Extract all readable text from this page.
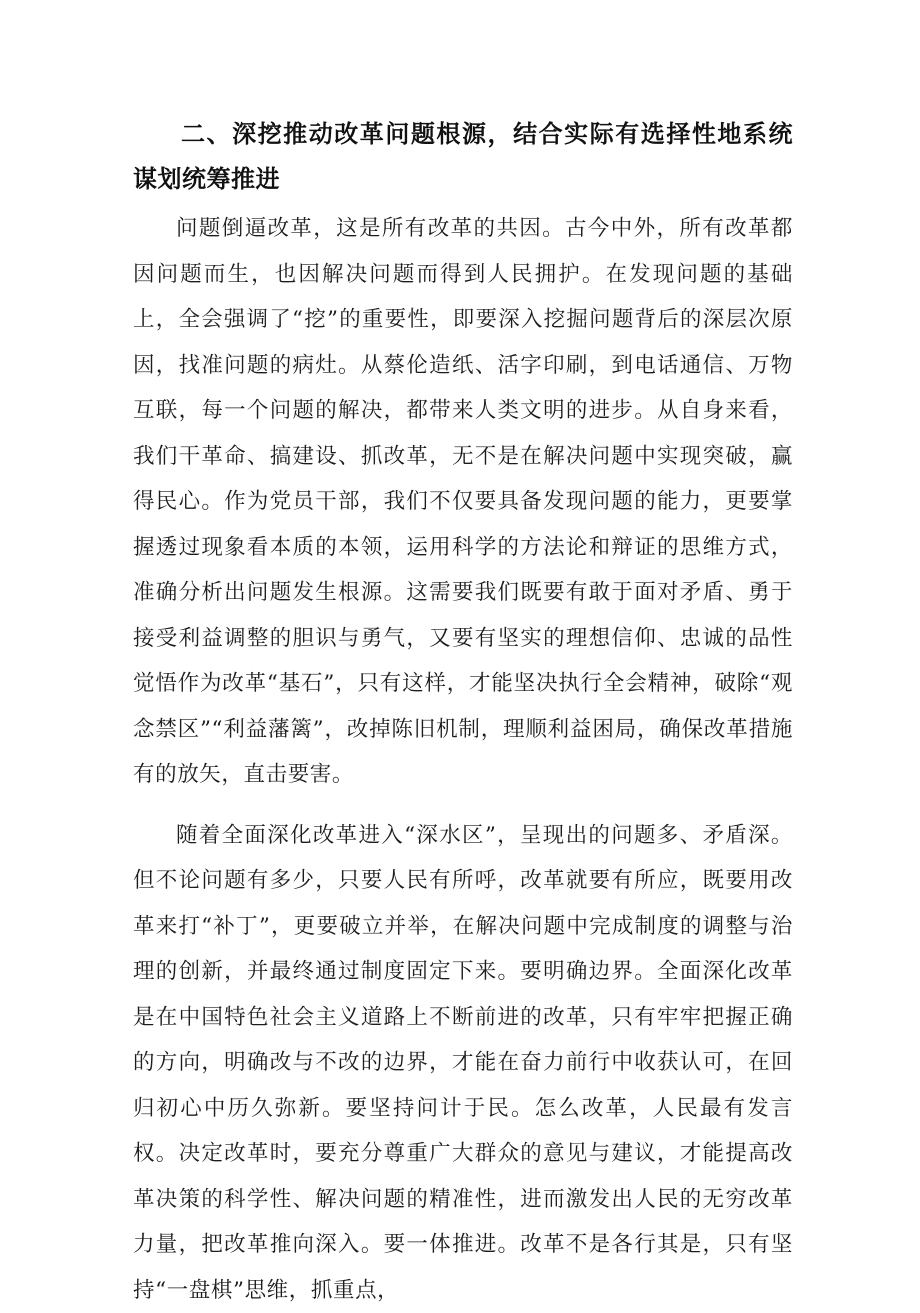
二、深挖推动改革问题根源，结合实际有选择性地系统谋划统筹推进

问题倒逼改革，这是所有改革的共因。古今中外，所有改革都因问题而生，也因解决问题而得到人民拥护。在发现问题的基础上，全会强调了“挖”的重要性，即要深入挖掘问题背后的深层次原因，找准问题的病灶。从蔡伦造纸、活字印刷，到电话通信、万物互联，每一个问题的解决，都带来人类文明的进步。从自身来看，我们干革命、搞建设、抓改革，无不是在解决问题中实现突破，赢得民心。作为党员干部，我们不仅要具备发现问题的能力，更要掌握透过现象看本质的本领，运用科学的方法论和辩证的思维方式，准确分析出问题发生根源。这需要我们既要有敢于面对矛盾、勇于接受利益调整的胆识与勇气，又要有坚实的理想信仰、忠诚的品性觉悟作为改革“基石”，只有这样，才能坚决执行全会精神，破除“观念禁区”“利益藩篱”，改掉陈旧机制，理顺利益困局，确保改革措施有的放矢，直击要害。

随着全面深化改革进入“深水区”，呈现出的问题多、矛盾深。但不论问题有多少，只要人民有所呼，改革就要有所应，既要用改革来打“补丁”，更要破立并举，在解决问题中完成制度的调整与治理的创新，并最终通过制度固定下来。要明确边界。全面深化改革是在中国特色社会主义道路上不断前进的改革，只有牢牢把握正确的方向，明确改与不改的边界，才能在奋力前行中收获认可，在回归初心中历久弥新。要坚持问计于民。怎么改革，人民最有发言权。决定改革时，要充分尊重广大群众的意见与建议，才能提高改革决策的科学性、解决问题的精准性，进而激发出人民的无穷改革力量，把改革推向深入。要一体推进。改革不是各行其是，只有坚持“一盘棋”思维，抓重点，
